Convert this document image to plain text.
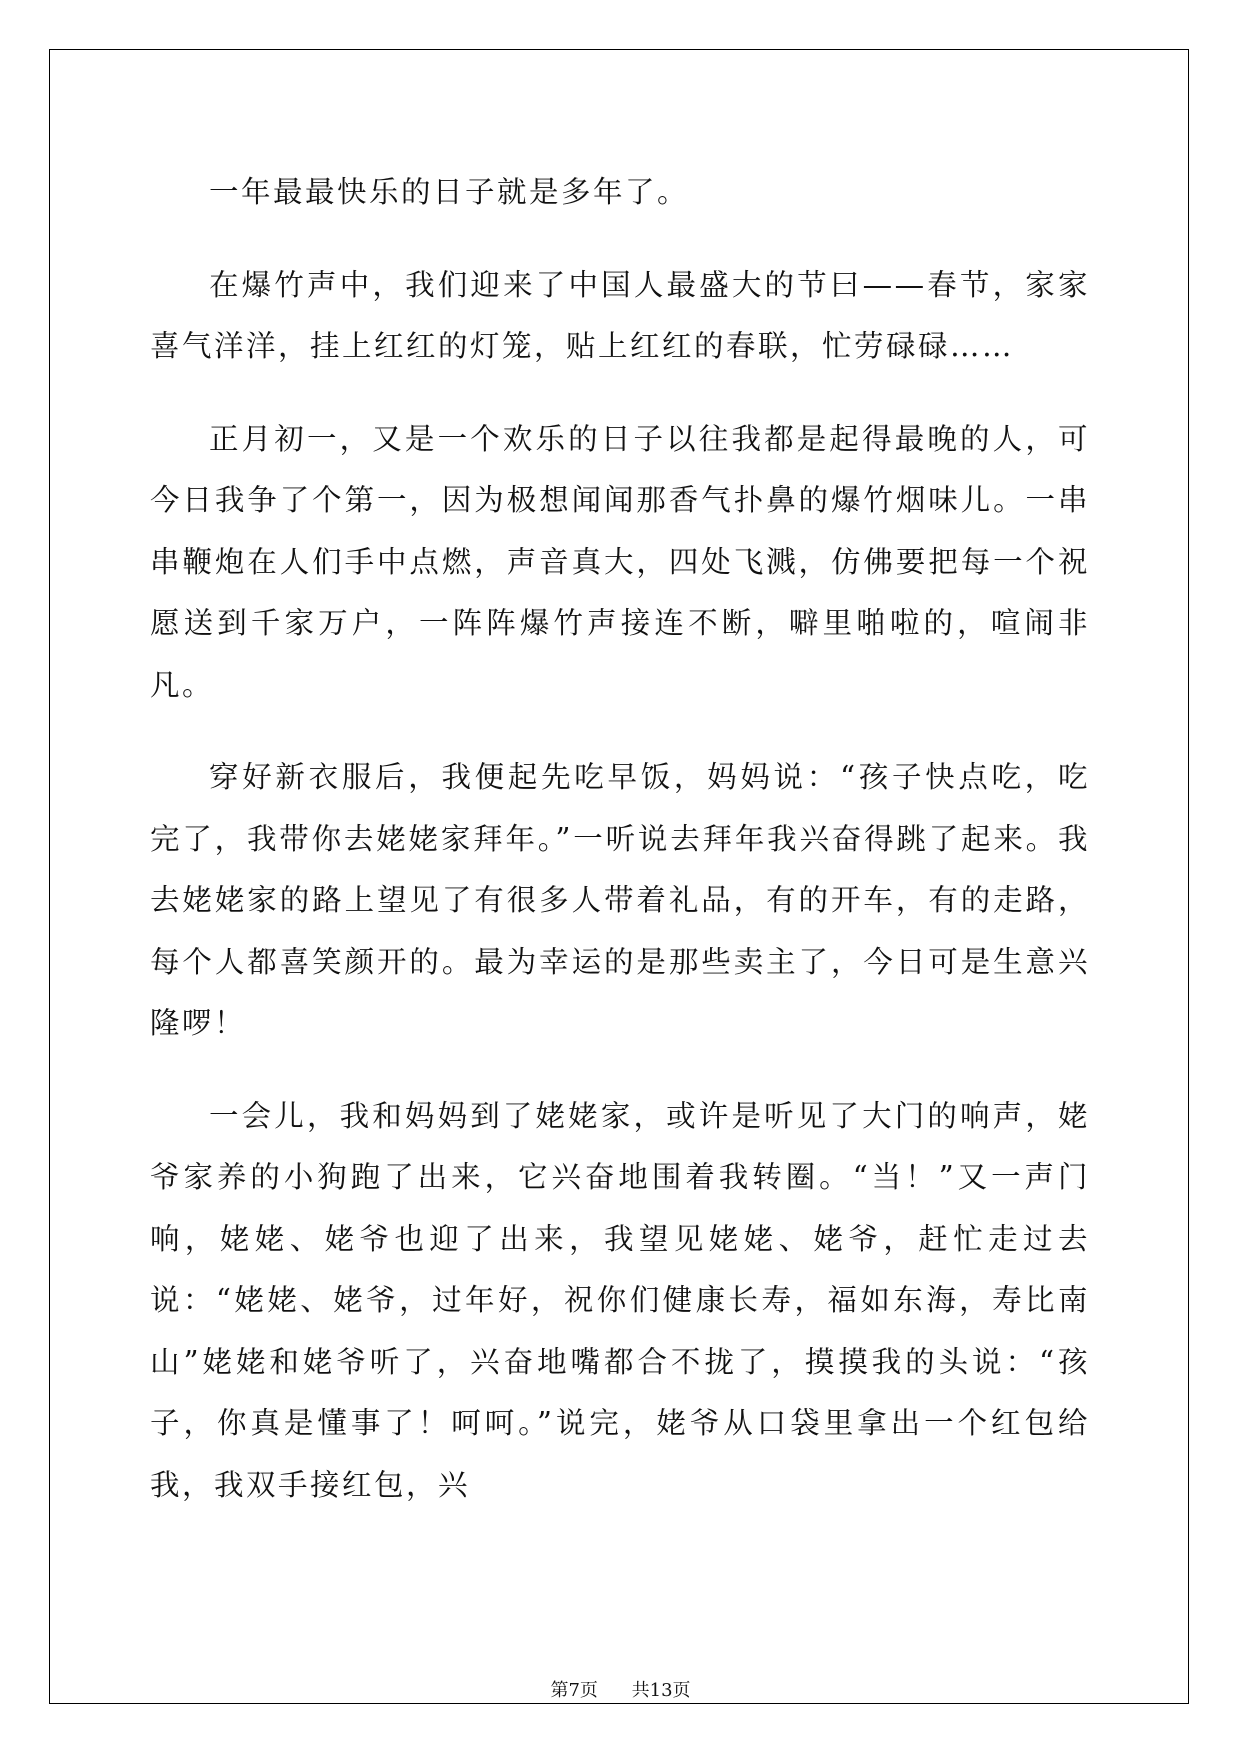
一年最最快乐的日子就是多年了。

在爆竹声中，我们迎来了中国人最盛大的节曰——春节，家家喜气洋洋，挂上红红的灯笼，贴上红红的春联，忙劳碌碌……

正月初一，又是一个欢乐的日子以往我都是起得最晚的人，可今日我争了个第一，因为极想闻闻那香气扑鼻的爆竹烟味儿。一串串鞭炮在人们手中点燃，声音真大，四处飞溅，仿佛要把每一个祝愿送到千家万户，一阵阵爆竹声接连不断，噼里啪啦的，喧闹非凡。

穿好新衣服后，我便起先吃早饭，妈妈说：“孩子快点吃，吃完了，我带你去姥姥家拜年。”一听说去拜年我兴奋得跳了起来。我去姥姥家的路上望见了有很多人带着礼品，有的开车，有的走路，每个人都喜笑颜开的。最为幸运的是那些卖主了，今日可是生意兴隆啰！

一会儿，我和妈妈到了姥姥家，或许是听见了大门的响声，姥爷家养的小狗跑了出来，它兴奋地围着我转圈。“当！”又一声门响，姥姥、姥爷也迎了出来，我望见姥姥、姥爷，赶忙走过去说：“姥姥、姥爷，过年好，祝你们健康长寿，福如东海，寿比南山”姥姥和姥爷听了，兴奋地嘴都合不拢了，摸摸我的头说：“孩子，你真是懂事了！呵呵。”说完，姥爷从口袋里拿出一个红包给我，我双手接红包，兴

第7页 共13页
